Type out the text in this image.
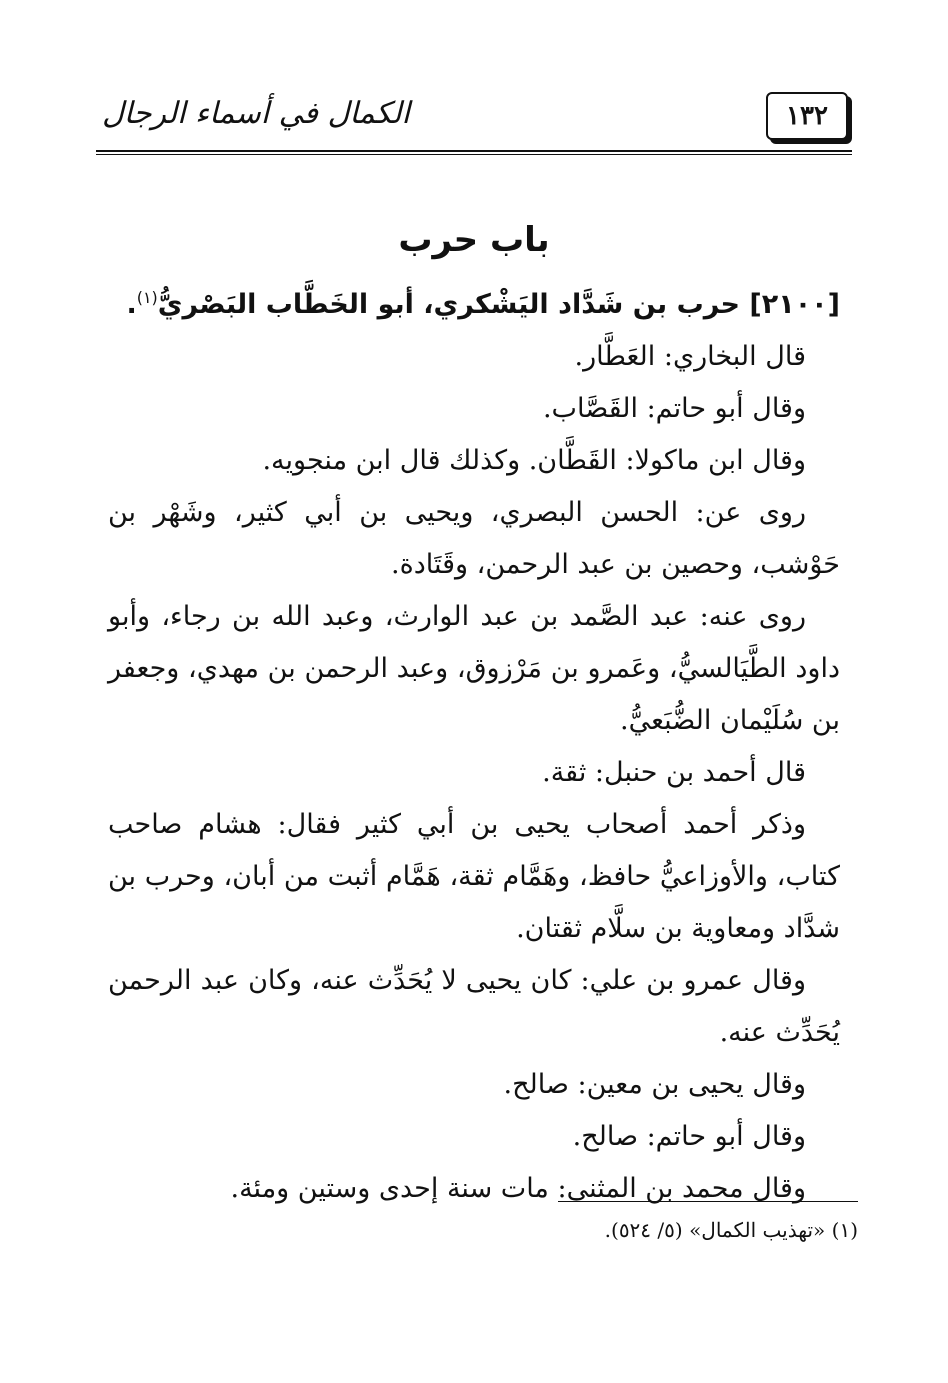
١٣٢
الكمال في أسماء الرجال
باب حرب
[٢١٠٠] حرب بن شَدَّاد اليَشْكري، أبو الخَطَّاب البَصْريُّ$^{(١)}$.

قال البخاري: العَطَّار.

وقال أبو حاتم: القَصَّاب.

وقال ابن ماكولا: القَطَّان. وكذلك قال ابن منجويه.

روى عن: الحسن البصري، ويحيى بن أبي كثير، وشَهْر بن حَوْشب، وحصين بن عبد الرحمن، وقَتَادة.

روى عنه: عبد الصَّمد بن عبد الوارث، وعبد الله بن رجاء، وأبو داود الطَّيَالسيُّ، وعَمرو بن مَرْزوق، وعبد الرحمن بن مهدي، وجعفر بن سُلَيْمان الضُّبَعيُّ.

قال أحمد بن حنبل: ثقة.

وذكر أحمد أصحاب يحيى بن أبي كثير فقال: هشام صاحب كتاب، والأوزاعيُّ حافظ، وهَمَّام ثقة، هَمَّام أثبت من أبان، وحرب بن شدَّاد ومعاوية بن سلَّام ثقتان.

وقال عمرو بن علي: كان يحيى لا يُحَدِّث عنه، وكان عبد الرحمن يُحَدِّث عنه.

وقال يحيى بن معين: صالح.

وقال أبو حاتم: صالح.

وقال محمد بن المثنى: مات سنة إحدى وستين ومئة.

(١) «تهذيب الكمال» (٥/ ٥٢٤).
